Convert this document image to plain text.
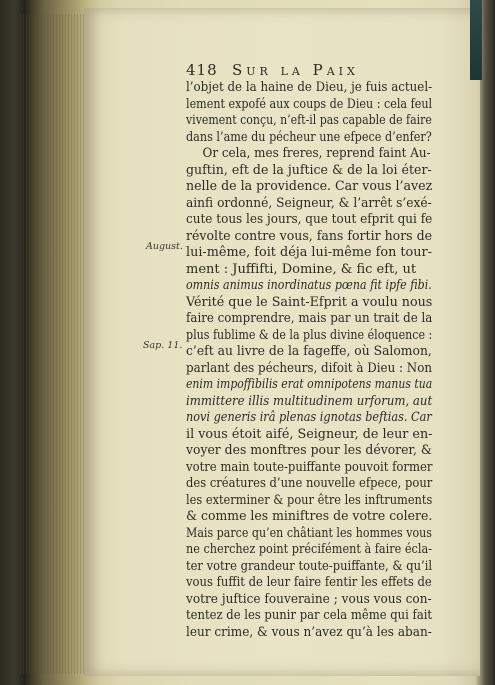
418 Sur la Paix
August.
Sap. 11.
l’objet de la haine de Dieu, je fuis actuel-
lement expofé aux coups de Dieu : cela feul
vivement conçu, n’eft-il pas capable de faire
dans l’ame du pécheur une efpece d’enfer?
Or cela, mes freres, reprend faint Au-
guftin, eft de la juftice & de la loi éter-
nelle de la providence. Car vous l’avez
ainfi ordonné, Seigneur, & l’arrêt s’exé-
cute tous les jours, que tout efprit qui fe
révolte contre vous, fans fortir hors de
lui-même, foit déja lui-même fon tour-
ment : Juffifti, Domine, & fic eft, ut
omnis animus inordinatus pœna fit ipfe fibi.
Vérité que le Saint-Efprit a voulu nous
faire comprendre, mais par un trait de la
plus fublime & de la plus divine éloquence :
c’eft au livre de la fageffe, où Salomon,
parlant des pécheurs, difoit à Dieu : Non
enim impoffibilis erat omnipotens manus tua
immittere illis multitudinem urforum, aut
novi generis irâ plenas ignotas beftias. Car
il vous étoit aifé, Seigneur, de leur en-
voyer des monftres pour les dévorer, &
votre main toute-puiffante pouvoit former
des créatures d’une nouvelle efpece, pour
les exterminer & pour être les inftruments
& comme les miniftres de votre colere.
Mais parce qu’en châtiant les hommes vous
ne cherchez point précifément à faire écla-
ter votre grandeur toute-puiffante, & qu’il
vous fuffit de leur faire fentir les effets de
votre juftice fouveraine ; vous vous con-
tentez de les punir par cela même qui fait
leur crime, & vous n’avez qu’à les aban-
